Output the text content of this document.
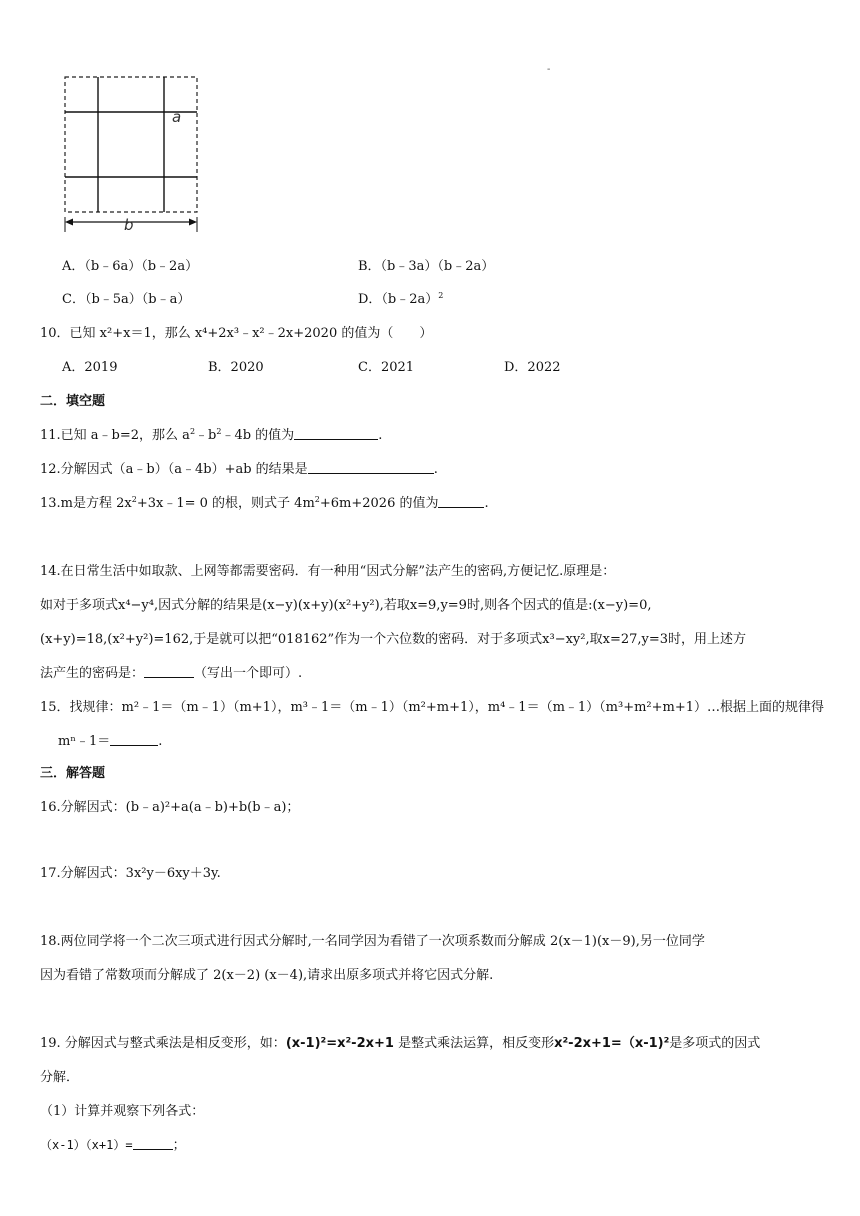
a
b
-
A．（b﹣6a）（b﹣2a）	B．（b﹣3a）（b﹣2a）
C．（b﹣5a）（b﹣a）	D．（b﹣2a）$^2$
10．已知 x²+x＝1，那么 x⁴+2x³﹣x²﹣2x+2020 的值为（　　）
A．2019	B．2020	C．2021	D．2022
二．填空题
11.已知 a﹣b=2，那么 $a^2﹣b^2﹣4b$ 的值为	.
12.分解因式（a﹣b）（a﹣4b）+ab 的结果是	.
13.m是方程 $2x^2+3x﹣1= 0$ 的根，则式子 $4m^2+6m+2026$ 的值为	.
14.在日常生活中如取款、上网等都需要密码．有一种用“因式分解”法产生的密码,方便记忆.原理是：
如对于多项式x⁴−y⁴,因式分解的结果是(x−y)(x+y)(x²+y²),若取x=9,y=9时,则各个因式的值是:(x−y)=0,
(x+y)=18,(x²+y²)=162,于是就可以把“018162”作为一个六位数的密码．对于多项式x³−xy²,取x=27,y=3时，用上述方
法产生的密码是：	（写出一个即可）.
15．找规律：m²﹣1＝（m﹣1）（m+1），m³﹣1＝（m﹣1）（m²+m+1），m⁴﹣1＝（m﹣1）（m³+m²+m+1）…根据上面的规律得
mⁿ﹣1＝	.
三．解答题
16.分解因式：(b﹣a)²+a(a﹣b)+b(b﹣a)；
17.分解因式：3x²y－6xy＋3y.
18.两位同学将一个二次三项式进行因式分解时,一名同学因为看错了一次项系数而分解成 2(x－1)(x－9),另一位同学
因为看错了常数项而分解成了 2(x－2) (x－4),请求出原多项式并将它因式分解.
19. 分解因式与整式乘法是相反变形，如：(x-1)²=x²-2x+1 是整式乘法运算，相反变形x²-2x+1=（x-1)²是多项式的因式
分解．
（1）计算并观察下列各式：
（x-1）（x+1）=	；
